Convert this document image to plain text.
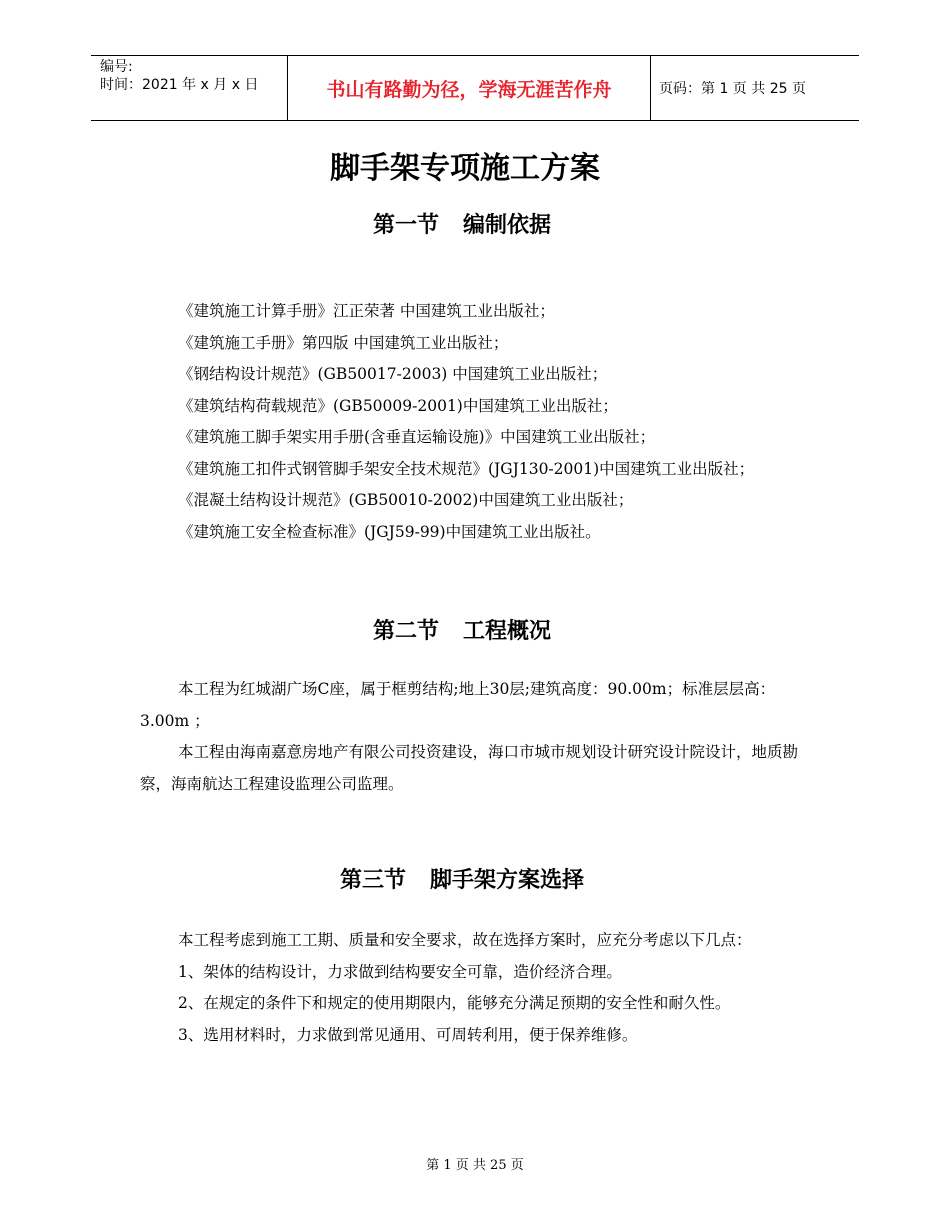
编号:
时间：2021 年 x 月 x 日	书山有路勤为径，学海无涯苦作舟	页码：第 1 页 共 25 页
脚手架专项施工方案
第一节 编制依据

《建筑施工计算手册》江正荣著 中国建筑工业出版社；

《建筑施工手册》第四版 中国建筑工业出版社；

《钢结构设计规范》(GB50017-2003) 中国建筑工业出版社；

《建筑结构荷载规范》(GB50009-2001)中国建筑工业出版社；

《建筑施工脚手架实用手册(含垂直运输设施)》中国建筑工业出版社；

《建筑施工扣件式钢管脚手架安全技术规范》(JGJ130-2001)中国建筑工业出版社；

《混凝土结构设计规范》(GB50010-2002)中国建筑工业出版社；

《建筑施工安全检查标准》(JGJ59-99)中国建筑工业出版社。

第二节 工程概况

本工程为红城湖广场C座，属于框剪结构;地上30层;建筑高度：90.00m；标准层层高：3.00m ；

本工程由海南嘉意房地产有限公司投资建设，海口市城市规划设计研究设计院设计，地质勘察，海南航达工程建设监理公司监理。

第三节 脚手架方案选择

本工程考虑到施工工期、质量和安全要求，故在选择方案时，应充分考虑以下几点：

1、架体的结构设计，力求做到结构要安全可靠，造价经济合理。

2、在规定的条件下和规定的使用期限内，能够充分满足预期的安全性和耐久性。

3、选用材料时，力求做到常见通用、可周转利用，便于保养维修。

第 1 页 共 25 页
